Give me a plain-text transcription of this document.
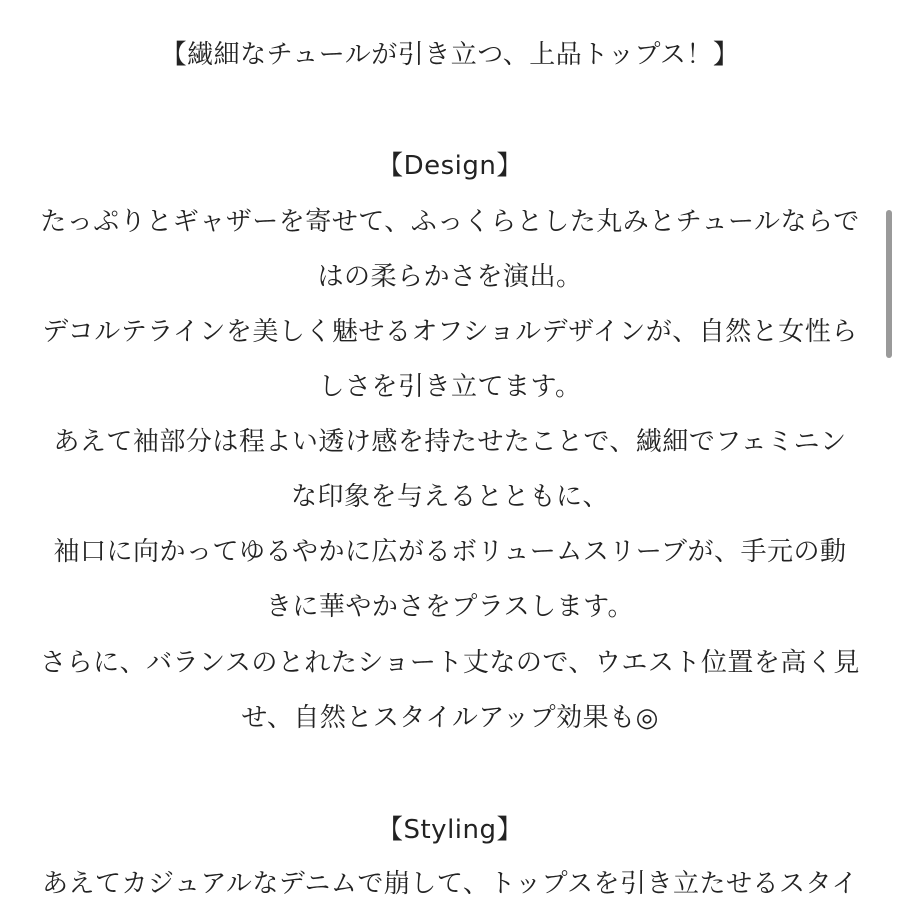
【繊細なチュールが引き立つ、上品トップス！】
【Design】
たっぷりとギャザーを寄せて、ふっくらとした丸みとチュールならで
はの柔らかさを演出。
デコルテラインを美しく魅せるオフショルデザインが、自然と女性ら
しさを引き立てます。
あえて袖部分は程よい透け感を持たせたことで、繊細でフェミニン
な印象を与えるとともに、
袖口に向かってゆるやかに広がるボリュームスリーブが、手元の動
きに華やかさをプラスします。
さらに、バランスのとれたショート丈なので、ウエスト位置を高く見
せ、自然とスタイルアップ効果も◎
【Styling】
あえてカジュアルなデニムで崩して、トップスを引き立たせるスタイ
